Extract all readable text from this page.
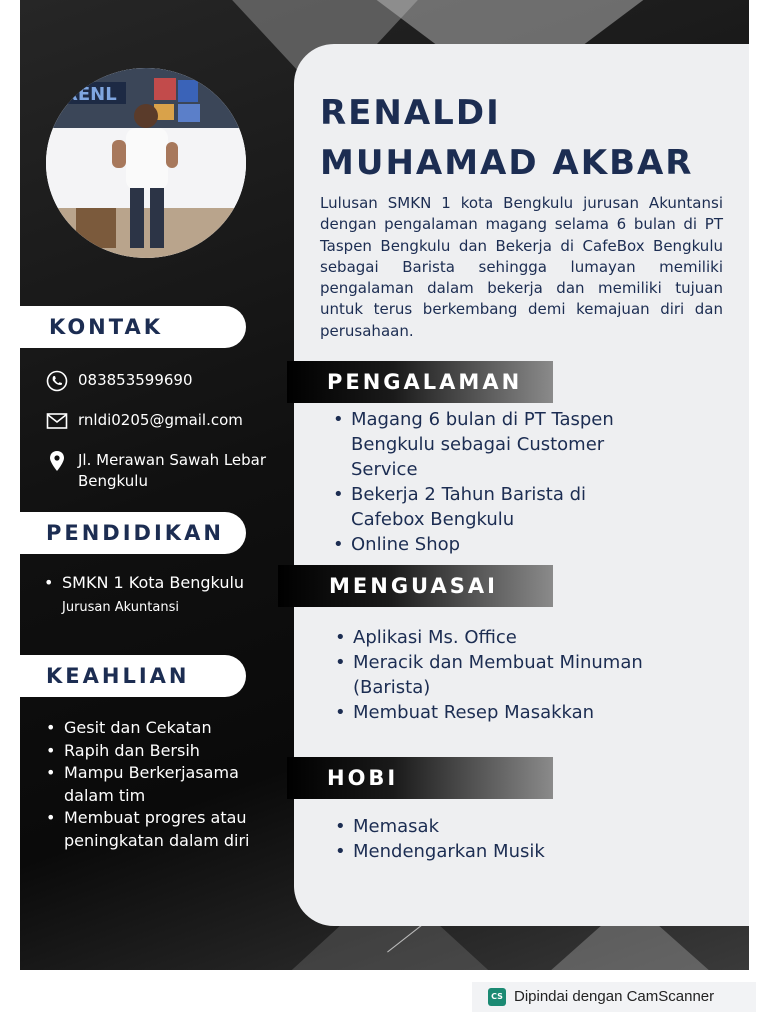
RENL
KONTAK
083853599690
rnldi0205@gmail.com
Jl. Merawan Sawah Lebar Bengkulu
PENDIDIKAN
• SMKN 1 Kota Bengkulu
Jurusan Akuntansi
KEAHLIAN
• Gesit dan Cekatan
• Rapih dan Bersih
• Mampu Berkerjasama dalam tim
• Membuat progres atau peningkatan dalam diri
RENALDI
MUHAMAD AKBAR
Lulusan SMKN 1 kota Bengkulu jurusan Akuntansi dengan pengalaman magang selama 6 bulan di PT Taspen Bengkulu dan Bekerja di CafeBox Bengkulu sebagai Barista sehingga lumayan memiliki pengalaman dalam bekerja dan memiliki tujuan untuk terus berkembang demi kemajuan diri dan perusahaan.
PENGALAMAN
• Magang 6 bulan di PT Taspen Bengkulu sebagai Customer Service
• Bekerja 2 Tahun Barista di Cafebox Bengkulu
• Online Shop
MENGUASAI
• Aplikasi Ms. Office
• Meracik dan Membuat Minuman (Barista)
• Membuat Resep Masakkan
HOBI
• Memasak
• Mendengarkan Musik
CS Dipindai dengan CamScanner
